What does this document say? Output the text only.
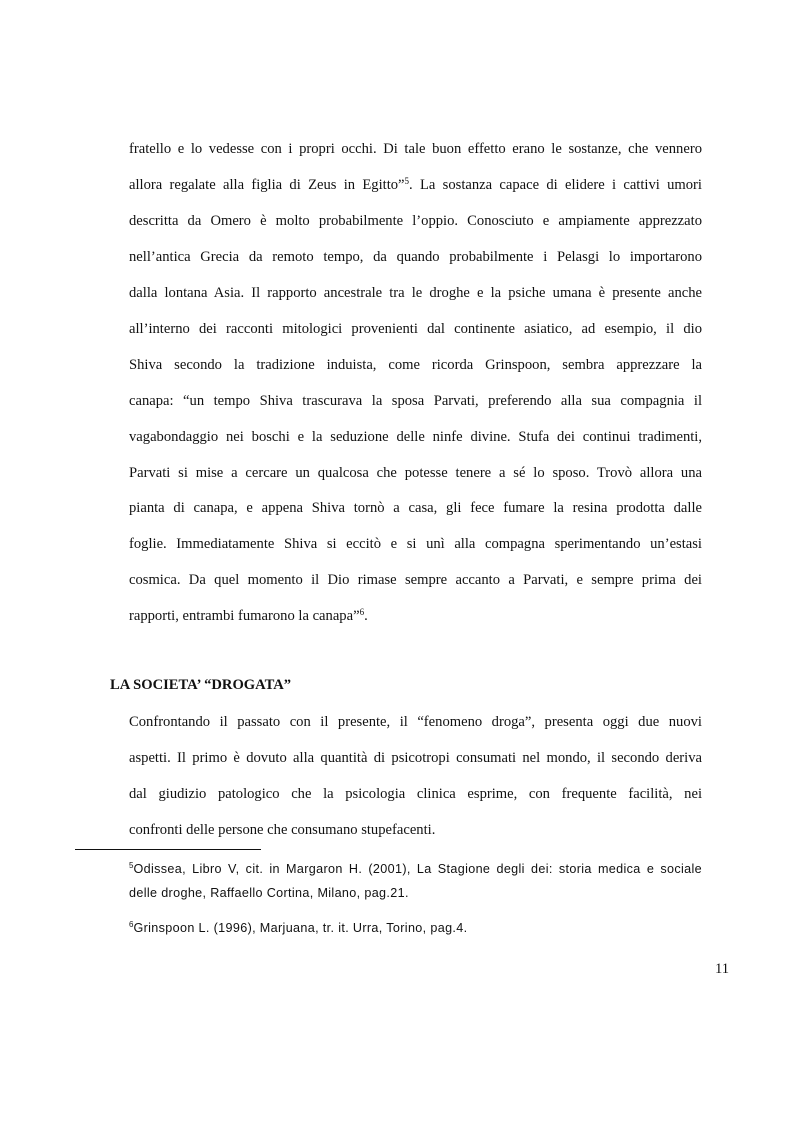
fratello e lo vedesse con i propri occhi. Di tale buon effetto erano le sostanze, che vennero
allora regalate alla figlia di Zeus in Egitto”$^5$. La sostanza capace di elidere i cattivi umori
descritta da Omero è molto probabilmente l’oppio. Conosciuto e ampiamente apprezzato
nell’antica Grecia da remoto tempo, da quando probabilmente i Pelasgi lo importarono
dalla lontana Asia. Il rapporto ancestrale tra le droghe e la psiche umana è presente anche
all’interno dei racconti mitologici provenienti dal continente asiatico, ad esempio, il dio
Shiva secondo la tradizione induista, come ricorda Grinspoon, sembra apprezzare la
canapa: “un tempo Shiva trascurava la sposa Parvati, preferendo alla sua compagnia il
vagabondaggio nei boschi e la seduzione delle ninfe divine. Stufa dei continui tradimenti,
Parvati si mise a cercare un qualcosa che potesse tenere a sé lo sposo. Trovò allora una
pianta di canapa, e appena Shiva tornò a casa, gli fece fumare la resina prodotta dalle
foglie. Immediatamente Shiva si eccitò e si unì alla compagna sperimentando un’estasi
cosmica. Da quel momento il Dio rimase sempre accanto a Parvati, e sempre prima dei
rapporti, entrambi fumarono la canapa”$^6$.
LA SOCIETA’ “DROGATA”
Confrontando il passato con il presente, il “fenomeno droga”, presenta oggi due nuovi
aspetti. Il primo è dovuto alla quantità di psicotropi consumati nel mondo, il secondo deriva
dal giudizio patologico che la psicologia clinica esprime, con frequente facilità, nei
confronti delle persone che consumano stupefacenti.
$^5$Odissea, Libro V, cit. in Margaron H. (2001), La Stagione degli dei: storia medica e sociale
delle droghe, Raffaello Cortina, Milano, pag.21.
$^6$Grinspoon L. (1996), Marjuana, tr. it. Urra, Torino, pag.4.
11
